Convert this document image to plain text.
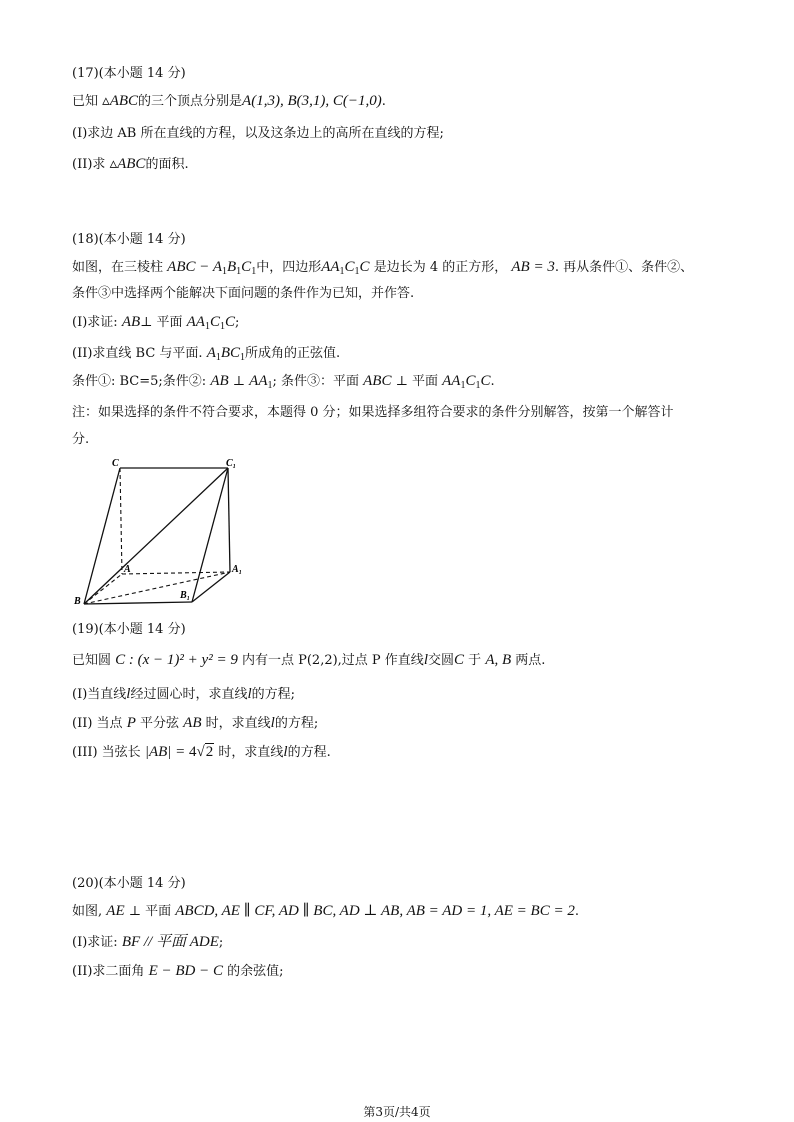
(17)(本小题 14 分)
已知 ▵ABC的三个顶点分别是A(1,3), B(3,1), C(−1,0).
(I)求边 AB 所在直线的方程，以及这条边上的高所在直线的方程;
(II)求 ▵ABC的面积.
(18)(本小题 14 分)
如图，在三棱柱 ABC − $A_1B_1C_1$中，四边形$AA_1C_1C$ 是边长为 4 的正方形， AB = 3. 再从条件①、条件②、
条件③中选择两个能解决下面问题的条件作为已知，并作答.
(I)求证: AB⊥ 平面 $AA_1C_1C$;
(II)求直线 BC 与平面. $A_1BC_1$所成角的正弦值.
条件①: BC=5;条件②: AB ⊥ $AA_1$; 条件③：平面 ABC ⊥ 平面 $AA_1C_1C$.
注：如果选择的条件不符合要求，本题得 0 分；如果选择多组符合要求的条件分别解答，按第一个解答计
分.
C	C₁
A	A₁
B
B₁
(19)(本小题 14 分)
已知圆 C : (x − 1)² + y² = 9 内有一点 P(2,2),过点 P 作直线l交圆C 于 A, B 两点.
(I)当直线l经过圆心时，求直线l的方程;
(II) 当点 P 平分弦 AB 时，求直线l的方程;
(III) 当弦长 |AB| = 4√2 时，求直线l的方程.
(20)(本小题 14 分)
如图, AE ⊥ 平面 ABCD, AE ∥ CF, AD ∥ BC, AD ⊥ AB, AB = AD = 1, AE = BC = 2.
(I)求证: BF // 平面 ADE;
(II)求二面角 E − BD − C 的余弦值;
第3页/共4页
